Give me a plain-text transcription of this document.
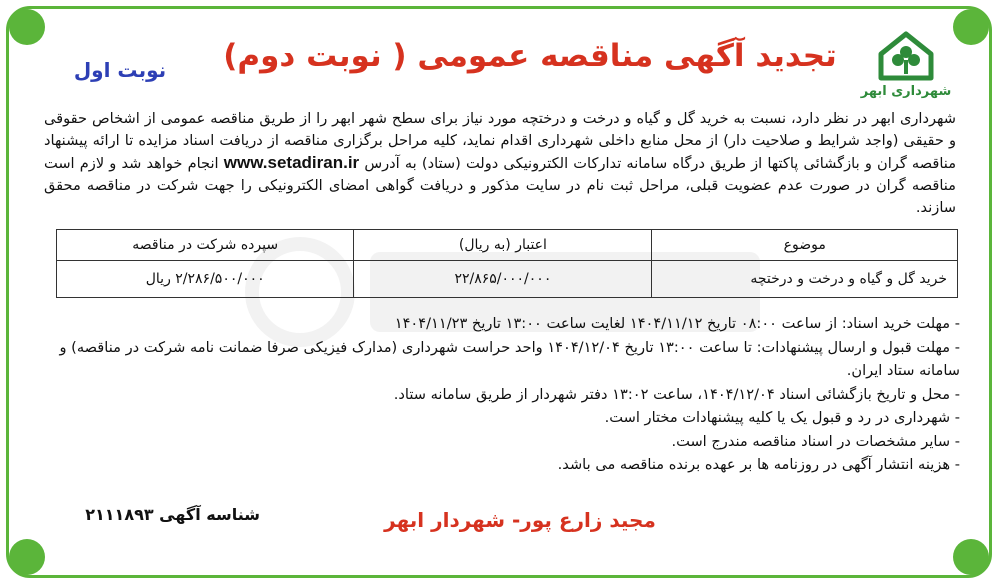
شهرداری ابهر
تجدید آگهی مناقصه عمومی ( نوبت دوم)
نوبت اول
شهرداری ابهر در نظر دارد، نسبت به خرید گل و گیاه و درخت و درختچه مورد نیاز برای سطح شهر ابهر را از طریق مناقصه عمومی از اشخاص حقوقی و حقیقی (واجد شرایط و صلاحیت دار) از محل منابع داخلی شهرداری اقدام نماید، کلیه مراحل برگزاری مناقصه از دریافت اسناد مزایده تا ارائه پیشنهاد مناقصه گران و بازگشائی پاکتها از طریق درگاه سامانه تدارکات الکترونیکی دولت (ستاد) به آدرس www.setadiran.ir انجام خواهد شد و لازم است مناقصه گران در صورت عدم عضویت قبلی، مراحل ثبت نام در سایت مذکور و دریافت گواهی امضای الکترونیکی را جهت شرکت در مناقصه محقق سازند.
موضوع	اعتبار (به ریال)	سپرده شرکت در مناقصه
خرید گل و گیاه و درخت و درختچه	۲۲/۸۶۵/۰۰۰/۰۰۰	۲/۲۸۶/۵۰۰/۰۰۰ ریال
- مهلت خرید اسناد: از ساعت ۰۸:۰۰ تاریخ ۱۴۰۴/۱۱/۱۲ لغایت ساعت ۱۳:۰۰ تاریخ ۱۴۰۴/۱۱/۲۳
- مهلت قبول و ارسال پیشنهادات: تا ساعت ۱۳:۰۰ تاریخ ۱۴۰۴/۱۲/۰۴ واحد حراست شهرداری (مدارک فیزیکی صرفا ضمانت نامه شرکت در مناقصه) و سامانه ستاد ایران.
- محل و تاریخ بازگشائی اسناد ۱۴۰۴/۱۲/۰۴، ساعت ۱۳:۰۲ دفتر شهردار از طریق سامانه ستاد.
- شهرداری در رد و قبول یک یا کلیه پیشنهادات مختار است.
- سایر مشخصات در اسناد مناقصه مندرج است.
- هزینه انتشار آگهی در روزنامه ها بر عهده برنده مناقصه می باشد.
شناسه آگهی ۲۱۱۱۸۹۳	مجید زارع پور- شهردار ابهر
